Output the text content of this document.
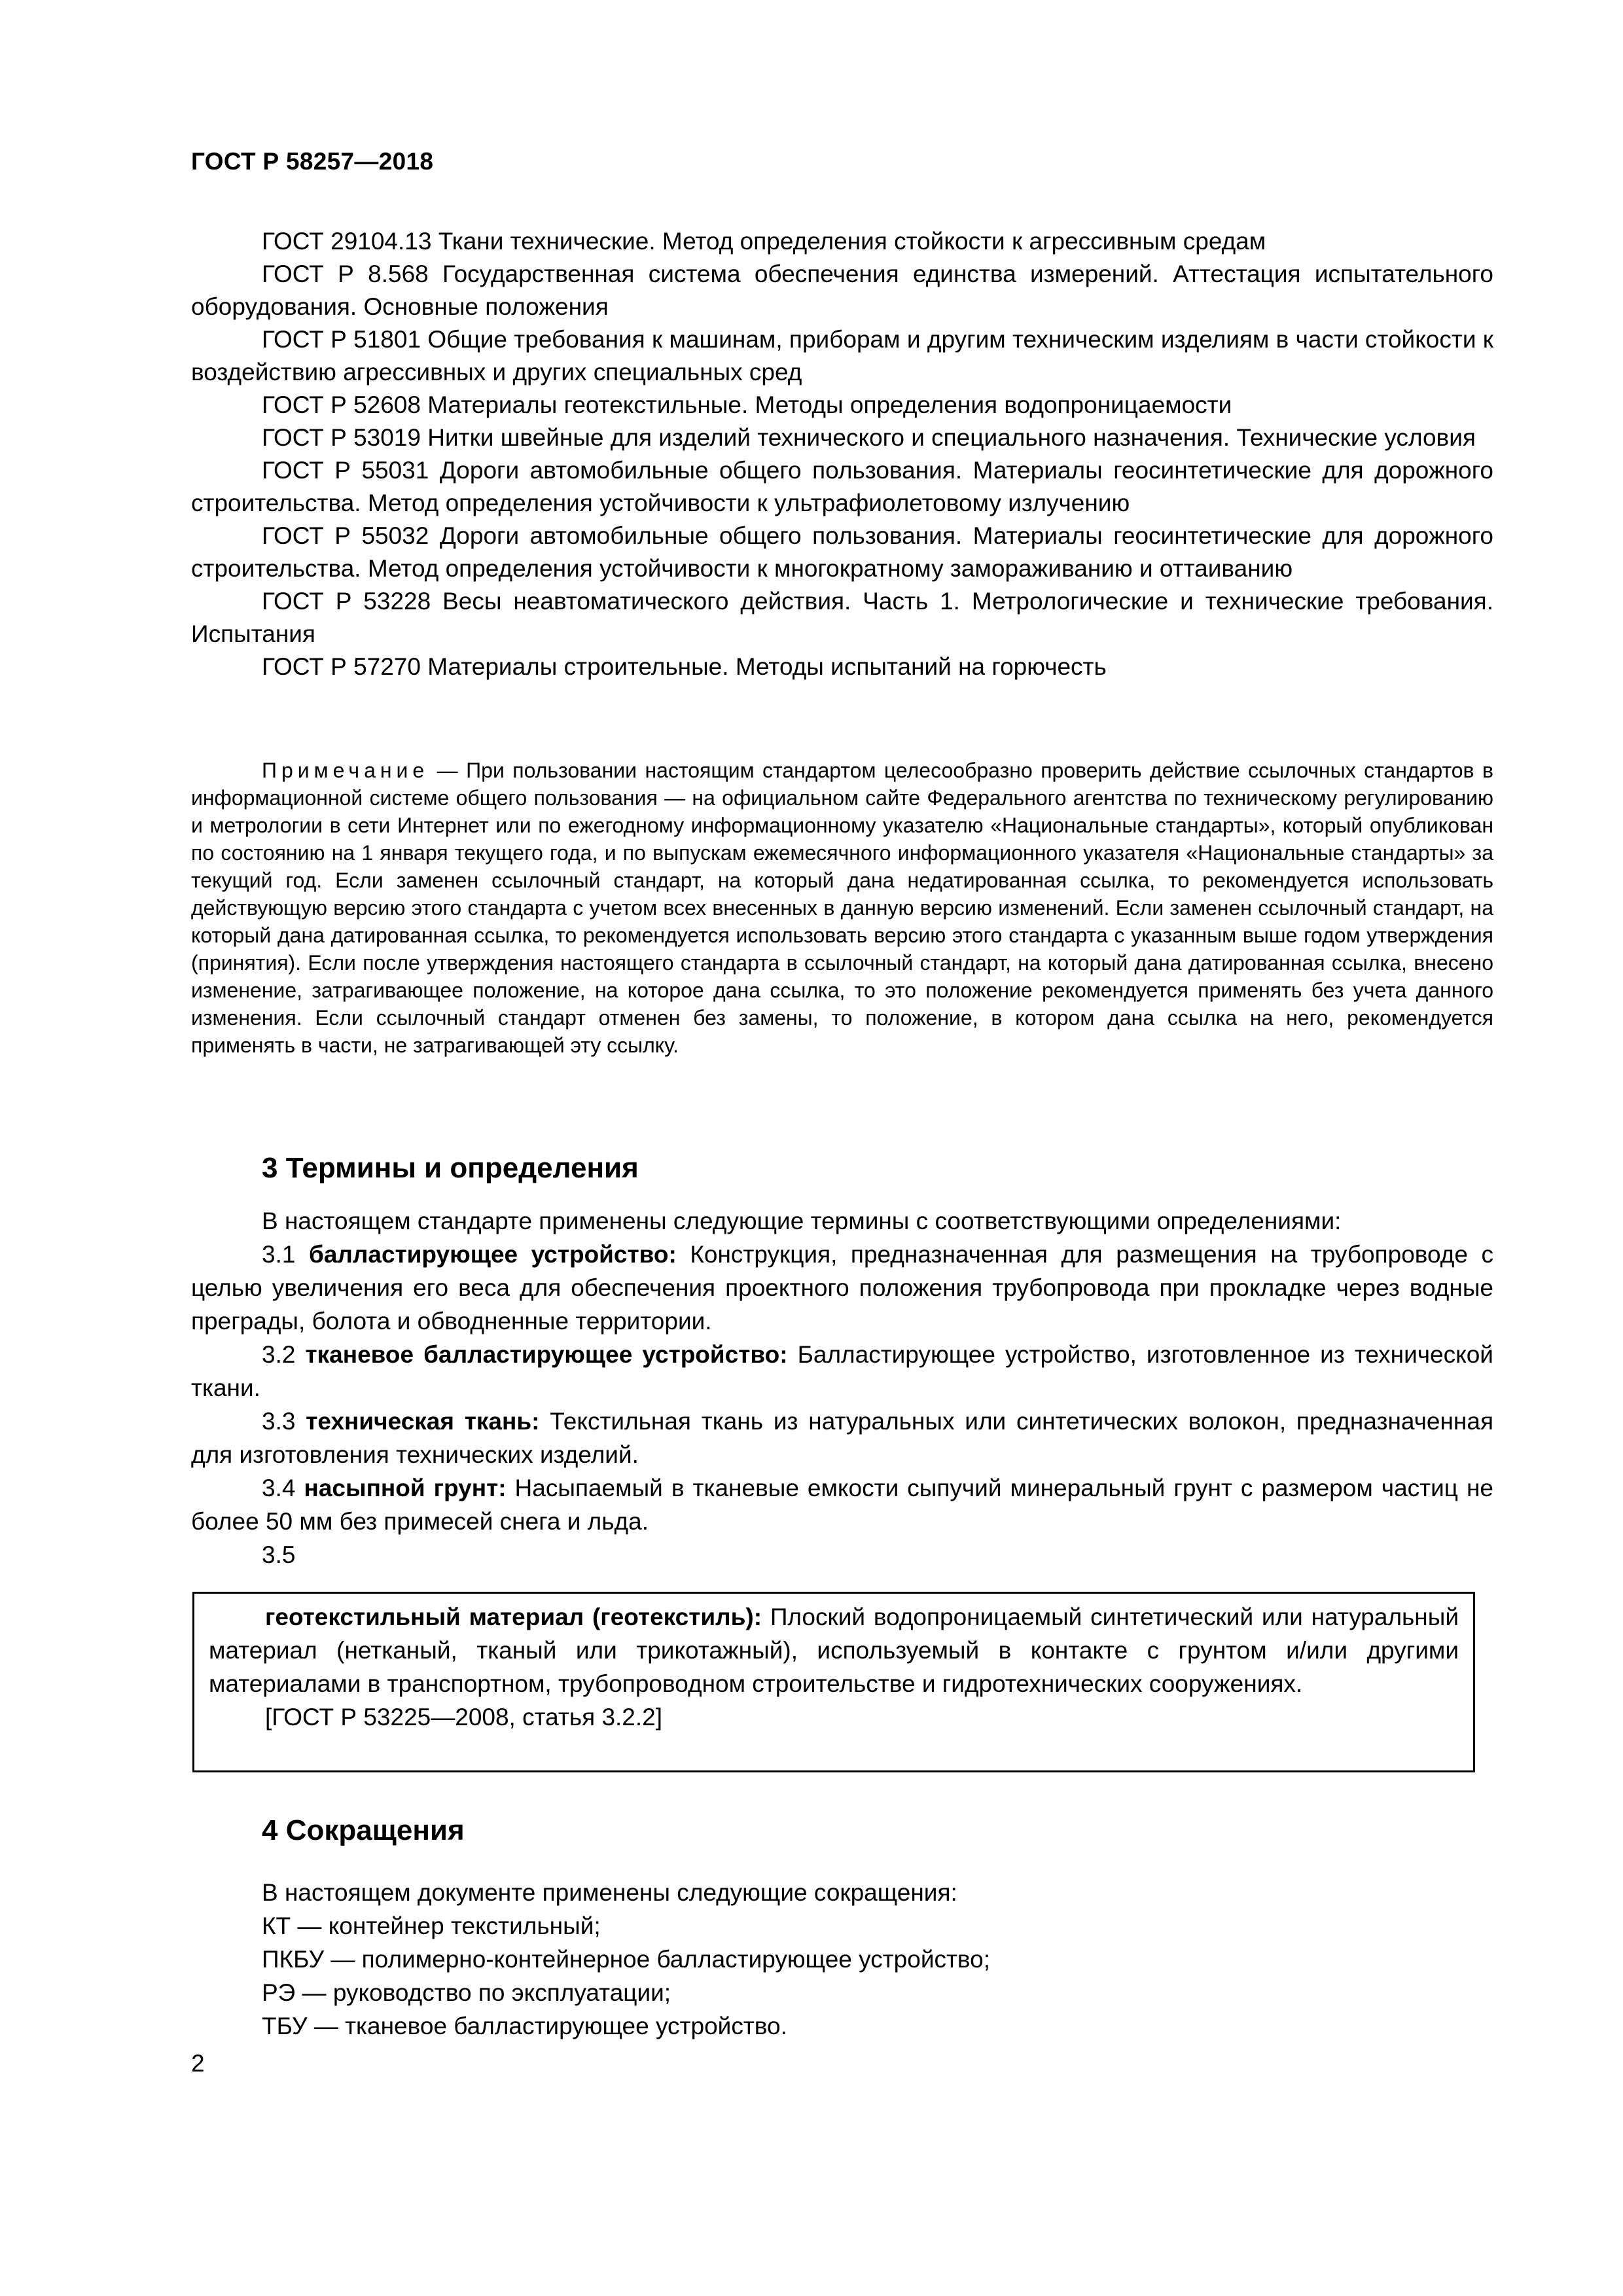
ГОСТ Р 58257—2018

ГОСТ 29104.13 Ткани технические. Метод определения стойкости к агрессивным средам

ГОСТ Р 8.568 Государственная система обеспечения единства измерений. Аттестация испытательного оборудования. Основные положения

ГОСТ Р 51801 Общие требования к машинам, приборам и другим техническим изделиям в части стойкости к воздействию агрессивных и других специальных сред

ГОСТ Р 52608 Материалы геотекстильные. Методы определения водопроницаемости

ГОСТ Р 53019 Нитки швейные для изделий технического и специального назначения. Технические условия

ГОСТ Р 55031 Дороги автомобильные общего пользования. Материалы геосинтетические для дорожного строительства. Метод определения устойчивости к ультрафиолетовому излучению

ГОСТ Р 55032 Дороги автомобильные общего пользования. Материалы геосинтетические для дорожного строительства. Метод определения устойчивости к многократному замораживанию и оттаиванию

ГОСТ Р 53228 Весы неавтоматического действия. Часть 1. Метрологические и технические требования. Испытания

ГОСТ Р 57270 Материалы строительные. Методы испытаний на горючесть

Примечание — При пользовании настоящим стандартом целесообразно проверить действие ссылочных стандартов в информационной системе общего пользования — на официальном сайте Федерального агентства по техническому регулированию и метрологии в сети Интернет или по ежегодному информационному указателю «Национальные стандарты», который опубликован по состоянию на 1 января текущего года, и по выпускам ежемесячного информационного указателя «Национальные стандарты» за текущий год. Если заменен ссылочный стандарт, на который дана недатированная ссылка, то рекомендуется использовать действующую версию этого стандарта с учетом всех внесенных в данную версию изменений. Если заменен ссылочный стандарт, на который дана датированная ссылка, то рекомендуется использовать версию этого стандарта с указанным выше годом утверждения (принятия). Если после утверждения настоящего стандарта в ссылочный стандарт, на который дана датированная ссылка, внесено изменение, затрагивающее положение, на которое дана ссылка, то это положение рекомендуется применять без учета данного изменения. Если ссылочный стандарт отменен без замены, то положение, в котором дана ссылка на него, рекомендуется применять в части, не затрагивающей эту ссылку.

3 Термины и определения

В настоящем стандарте применены следующие термины с соответствующими определениями:

3.1 балластирующее устройство: Конструкция, предназначенная для размещения на трубопроводе с целью увеличения его веса для обеспечения проектного положения трубопровода при прокладке через водные преграды, болота и обводненные территории.

3.2 тканевое балластирующее устройство: Балластирующее устройство, изготовленное из технической ткани.

3.3 техническая ткань: Текстильная ткань из натуральных или синтетических волокон, предназначенная для изготовления технических изделий.

3.4 насыпной грунт: Насыпаемый в тканевые емкости сыпучий минеральный грунт с размером частиц не более 50 мм без примесей снега и льда.

3.5

геотекстильный материал (геотекстиль): Плоский водопроницаемый синтетический или натуральный материал (нетканый, тканый или трикотажный), используемый в контакте с грунтом и/или другими материалами в транспортном, трубопроводном строительстве и гидротехнических сооружениях.

[ГОСТ Р 53225—2008, статья 3.2.2]

4 Сокращения

В настоящем документе применены следующие сокращения:

КТ — контейнер текстильный;

ПКБУ — полимерно-контейнерное балластирующее устройство;

РЭ — руководство по эксплуатации;

ТБУ — тканевое балластирующее устройство.

2
